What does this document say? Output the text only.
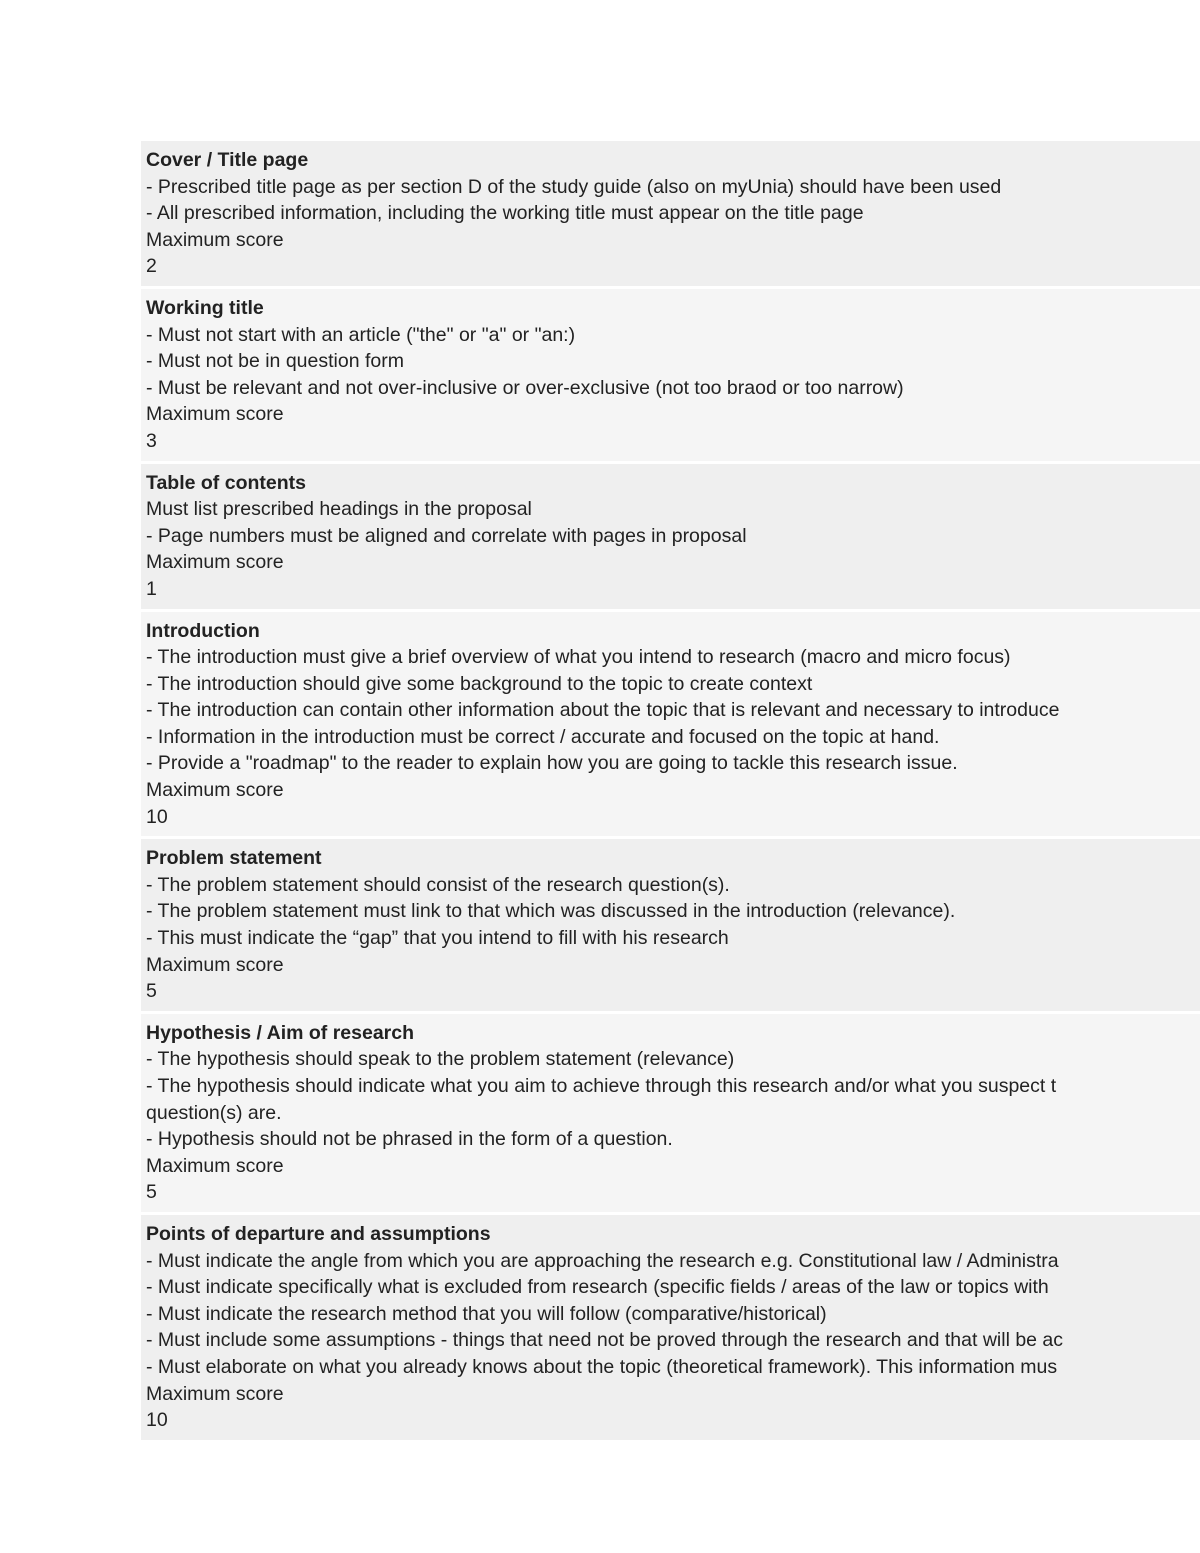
Cover / Title page
- Prescribed title page as per section D of the study guide (also on myUnia) should have been used
- All prescribed information, including the working title must appear on the title page
Maximum score
2
Working title
- Must not start with an article ("the" or "a" or "an:)
- Must not be in question form
- Must be relevant and not over-inclusive or over-exclusive (not too braod or too narrow)
Maximum score
3
Table of contents
Must list prescribed headings in the proposal
- Page numbers must be aligned and correlate with pages in proposal
Maximum score
1
Introduction
- The introduction must give a brief overview of what you intend to research (macro and micro focus)
- The introduction should give some background to the topic to create context
- The introduction can contain other information about the topic that is relevant and necessary to introduce
- Information in the introduction must be correct / accurate and focused on the topic at hand.
- Provide a "roadmap" to the reader to explain how you are going to tackle this research issue.
Maximum score
10
Problem statement
- The problem statement should consist of the research question(s).
- The problem statement must link to that which was discussed in the introduction (relevance).
- This must indicate the “gap” that you intend to fill with his research
Maximum score
5
Hypothesis / Aim of research
- The hypothesis should speak to the problem statement (relevance)
- The hypothesis should indicate what you aim to achieve through this research and/or what you suspect t
question(s) are.
- Hypothesis should not be phrased in the form of a question.
Maximum score
5
Points of departure and assumptions
- Must indicate the angle from which you are approaching the research e.g. Constitutional law / Administra
- Must indicate specifically what is excluded from research (specific fields / areas of the law or topics with
- Must indicate the research method that you will follow (comparative/historical)
- Must include some assumptions - things that need not be proved through the research and that will be ac
- Must elaborate on what you already knows about the topic (theoretical framework). This information mus
Maximum score
10
